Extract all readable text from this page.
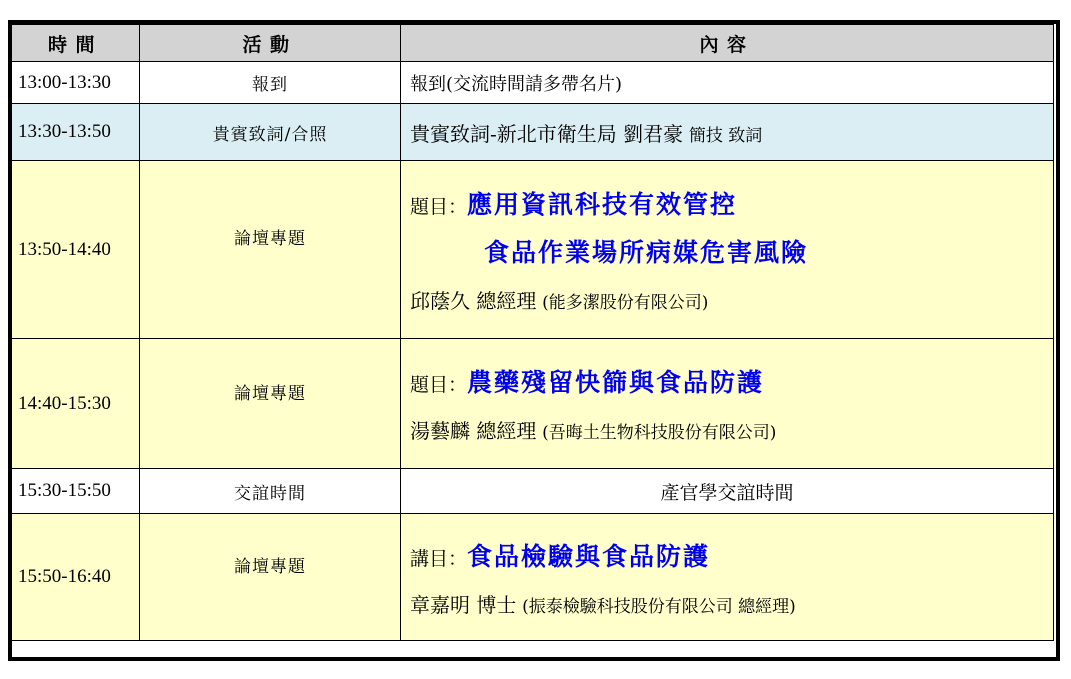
時間	活動	內容
13:00-13:30	報到	報到(交流時間請多帶名片)
13:30-13:50	貴賓致詞/合照	貴賓致詞-新北市衛生局 劉君豪 簡技 致詞
13:50-14:40	論壇專題	題目：應用資訊科技有效管控
食品作業場所病媒危害風險
邱蔭久 總經理 (能多潔股份有限公司)

14:40-15:30	論壇專題	題目：農藥殘留快篩與食品防護
湯藝麟 總經理 (吾晦土生物科技股份有限公司)

15:30-15:50	交誼時間	產官學交誼時間
15:50-16:40	論壇專題	講目：食品檢驗與食品防護
章嘉明 博士 (振泰檢驗科技股份有限公司 總經理)
